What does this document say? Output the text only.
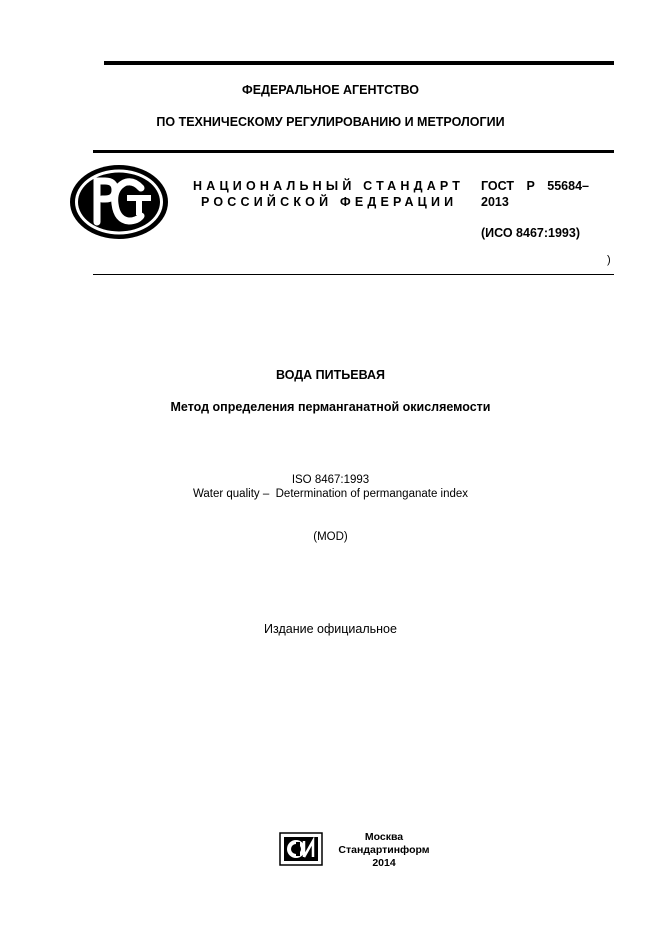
ФЕДЕРАЛЬНОЕ АГЕНТСТВО
ПО ТЕХНИЧЕСКОМУ РЕГУЛИРОВАНИЮ И МЕТРОЛОГИИ
НАЦИОНАЛЬНЫЙ СТАНДАРТ
РОССИЙСКОЙ ФЕДЕРАЦИИ
ГОСТ Р 55684–
2013
(ИСО 8467:1993)
)
ВОДА ПИТЬЕВАЯ
Метод определения перманганатной окисляемости
ISO 8467:1993
Water quality –  Determination of permanganate index
(MOD)
Издание официальное
Москва
Стандартинформ
2014
